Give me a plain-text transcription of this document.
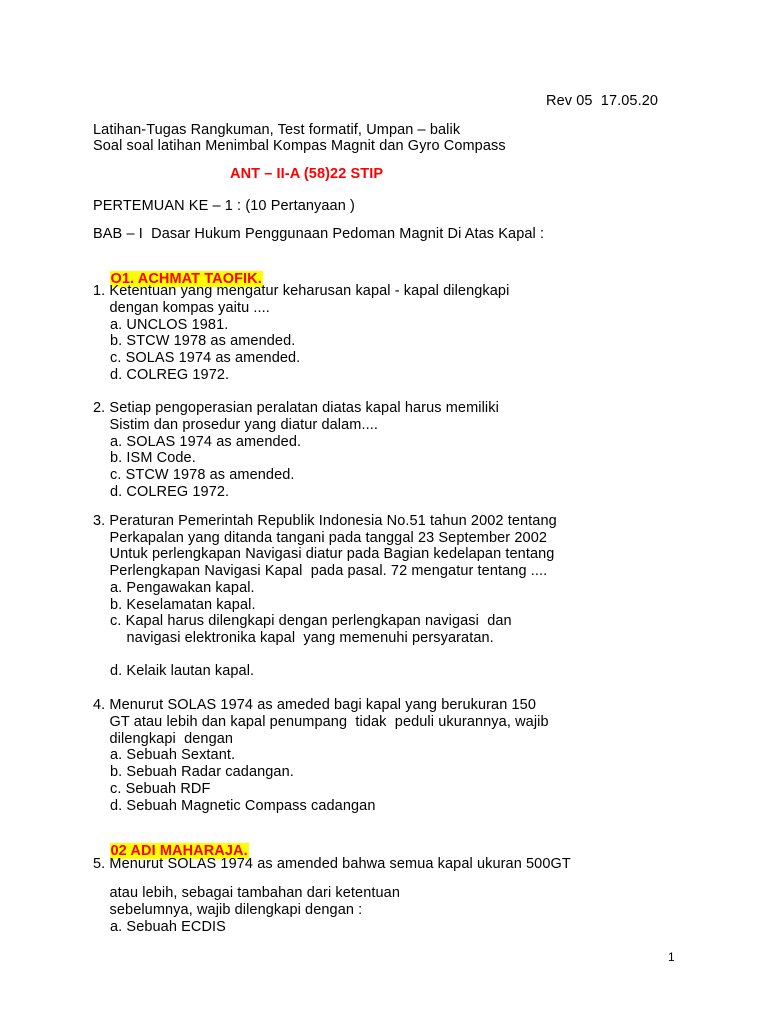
Rev 05  17.05.20
Latihan-Tugas Rangkuman, Test formatif, Umpan – balik
Soal soal latihan Menimbal Kompas Magnit dan Gyro Compass
ANT – II-A (58)22 STIP
PERTEMUAN KE – 1 : (10 Pertanyaan )
BAB – I  Dasar Hukum Penggunaan Pedoman Magnit Di Atas Kapal :

O1. ACHMAT TAOFIK.

1. Ketentuan yang mengatur keharusan kapal - kapal dilengkapi
dengan kompas yaitu ....
a. UNCLOS 1981.
b. STCW 1978 as amended.
c. SOLAS 1974 as amended.
d. COLREG 1972.
2. Setiap pengoperasian peralatan diatas kapal harus memiliki
Sistim dan prosedur yang diatur dalam....
a. SOLAS 1974 as amended.
b. ISM Code.
c. STCW 1978 as amended.
d. COLREG 1972.
3. Peraturan Pemerintah Republik Indonesia No.51 tahun 2002 tentang
Perkapalan yang ditanda tangani pada tanggal 23 September 2002
Untuk perlengkapan Navigasi diatur pada Bagian kedelapan tentang
Perlengkapan Navigasi Kapal  pada pasal. 72 mengatur tentang ....
a. Pengawakan kapal.
b. Keselamatan kapal.
c. Kapal harus dilengkapi dengan perlengkapan navigasi  dan
navigasi elektronika kapal  yang memenuhi persyaratan.
d. Kelaik lautan kapal.
4. Menurut SOLAS 1974 as ameded bagi kapal yang berukuran 150
GT atau lebih dan kapal penumpang  tidak  peduli ukurannya, wajib
dilengkapi  dengan
a. Sebuah Sextant.
b. Sebuah Radar cadangan.
c. Sebuah RDF
d. Sebuah Magnetic Compass cadangan

02 ADI MAHARAJA.

5. Menurut SOLAS 1974 as amended bahwa semua kapal ukuran 500GT
atau lebih, sebagai tambahan dari ketentuan
sebelumnya, wajib dilengkapi dengan :
a. Sebuah ECDIS
1
